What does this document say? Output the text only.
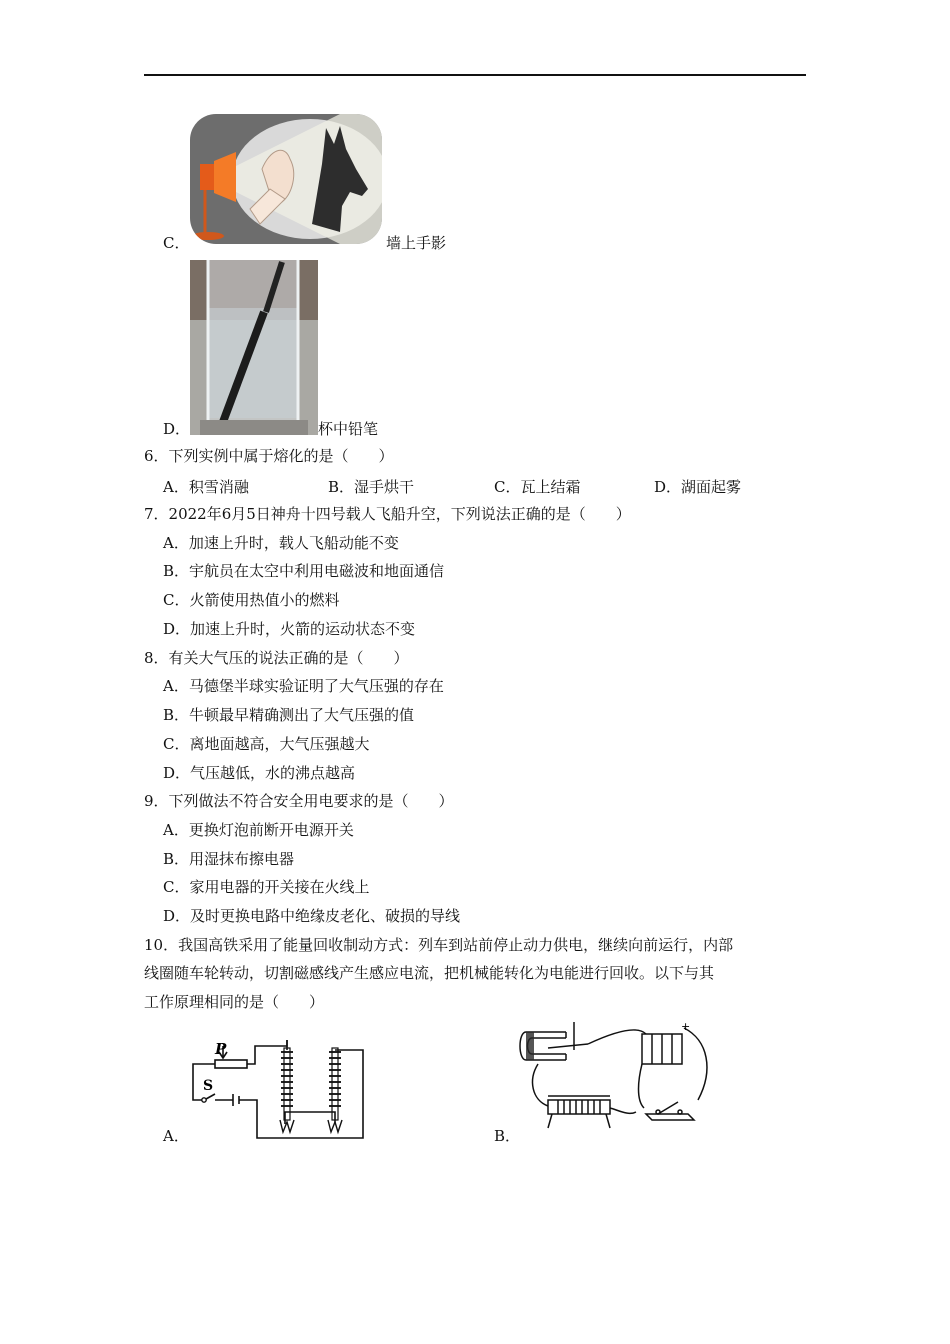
C．	墙上手影
D．	杯中铅笔
6．下列实例中属于熔化的是（　　）
A．积雪消融	B．湿手烘干	C．瓦上结霜	D．湖面起雾
7．2022年6月5日神舟十四号载人飞船升空，下列说法正确的是（　　）
A．加速上升时，载人飞船动能不变
B．宇航员在太空中利用电磁波和地面通信
C．火箭使用热值小的燃料
D．加速上升时，火箭的运动状态不变
8．有关大气压的说法正确的是（　　）
A．马德堡半球实验证明了大气压强的存在
B．牛顿最早精确测出了大气压强的值
C．离地面越高，大气压强越大
D．气压越低，水的沸点越高
9．下列做法不符合安全用电要求的是（　　）
A．更换灯泡前断开电源开关
B．用湿抹布擦电器
C．家用电器的开关接在火线上
D．及时更换电路中绝缘皮老化、破损的导线
10．我国高铁采用了能量回收制动方式：列车到站前停止动力供电，继续向前运行，内部
线圈随车轮转动，切割磁感线产生感应电流，把机械能转化为电能进行回收。以下与其
工作原理相同的是（　　）
A．
P
S
B．
+
